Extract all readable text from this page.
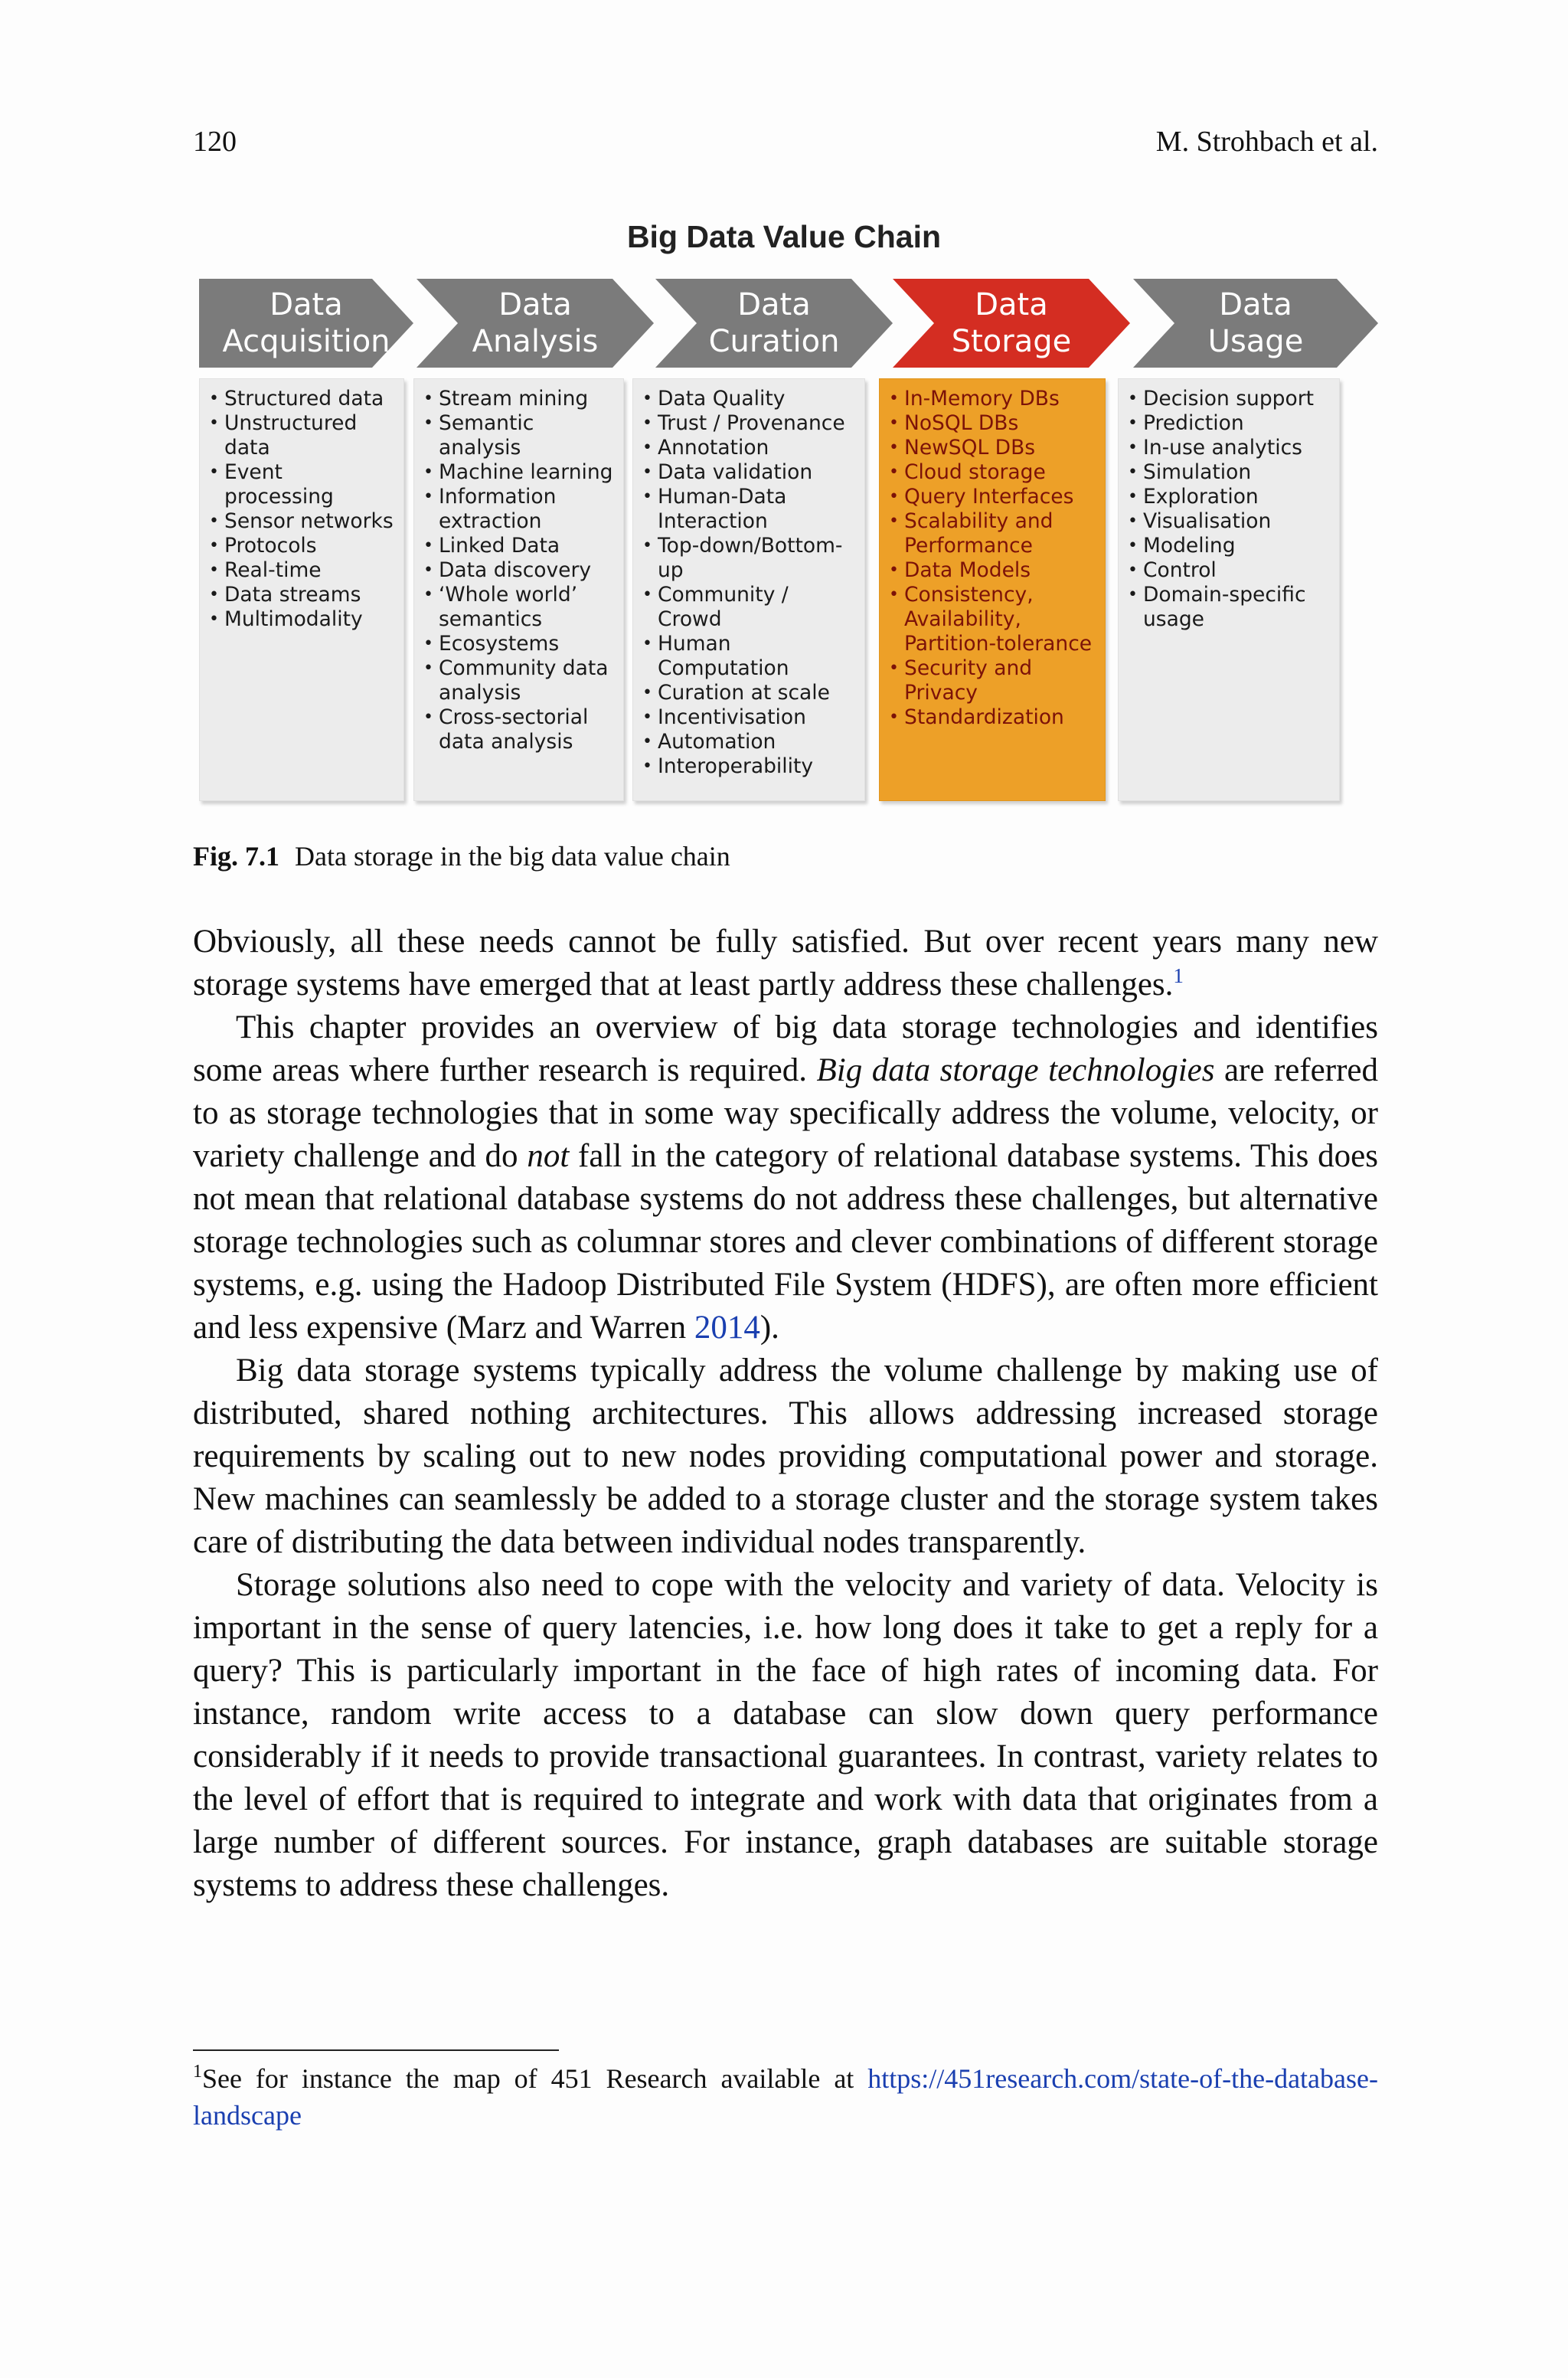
120	M. Strohbach et al.
Big Data Value Chain
Data
Acquisition
Data
Analysis
Data
Curation
Data
Storage
Data
Usage
• Structured data
• Unstructured data
• Event processing
• Sensor networks
• Protocols
• Real-time
• Data streams
• Multimodality
• Stream mining
• Semantic analysis
• Machine learning
• Information extraction
• Linked Data
• Data discovery
• ‘Whole world’ semantics
• Ecosystems
• Community data analysis
• Cross-sectorial data analysis
• Data Quality
• Trust / Provenance
• Annotation
• Data validation
• Human-Data Interaction
• Top-down/Bottom-up
• Community / Crowd
• Human Computation
• Curation at scale
• Incentivisation
• Automation
• Interoperability
• In-Memory DBs
• NoSQL DBs
• NewSQL DBs
• Cloud storage
• Query Interfaces
• Scalability and Performance
• Data Models
• Consistency, Availability, Partition-tolerance
• Security and Privacy
• Standardization
• Decision support
• Prediction
• In-use analytics
• Simulation
• Exploration
• Visualisation
• Modeling
• Control
• Domain-specific usage
Fig. 7.1 Data storage in the big data value chain

Obviously, all these needs cannot be fully satisfied. But over recent years many new storage systems have emerged that at least partly address these challenges.$^1$

This chapter provides an overview of big data storage technologies and identifies some areas where further research is required. Big data storage technologies are referred to as storage technologies that in some way specifically address the volume, velocity, or variety challenge and do not fall in the category of relational database systems. This does not mean that relational database systems do not address these challenges, but alternative storage technologies such as columnar stores and clever combinations of different storage systems, e.g. using the Hadoop Distributed File System (HDFS), are often more efficient and less expensive (Marz and Warren 2014).

Big data storage systems typically address the volume challenge by making use of distributed, shared nothing architectures. This allows addressing increased storage requirements by scaling out to new nodes providing computational power and storage. New machines can seamlessly be added to a storage cluster and the storage system takes care of distributing the data between individual nodes transparently.

Storage solutions also need to cope with the velocity and variety of data. Velocity is important in the sense of query latencies, i.e. how long does it take to get a reply for a query? This is particularly important in the face of high rates of incoming data. For instance, random write access to a database can slow down query performance considerably if it needs to provide transactional guarantees. In contrast, variety relates to the level of effort that is required to integrate and work with data that originates from a large number of different sources. For instance, graph databases are suitable storage systems to address these challenges.

$^1$See for instance the map of 451 Research available at https://451research.com/state-of-the-database-landscape
